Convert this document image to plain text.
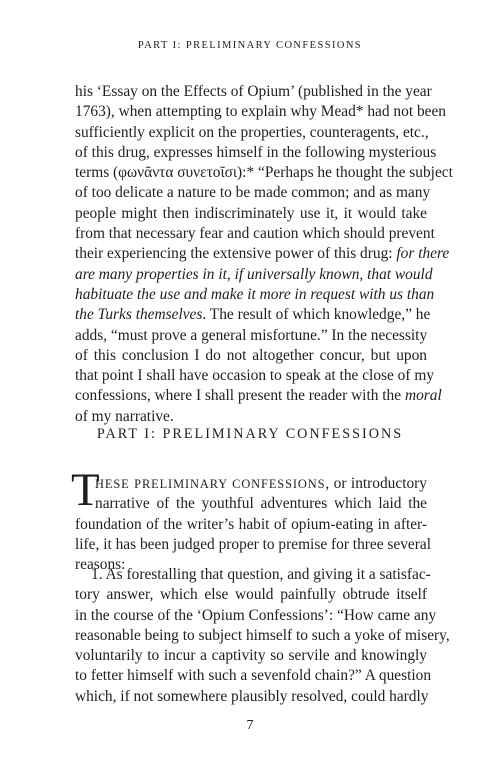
PART I: PRELIMINARY CONFESSIONS
his ‘Essay on the Effects of Opium’ (published in the year
1763), when attempting to explain why Mead* had not been
sufficiently explicit on the properties, counteragents, etc.,
of this drug, expresses himself in the following mysterious
terms (φωνᾶντα συνετοῖσι):* “Perhaps he thought the subject
of too delicate a nature to be made common; and as many
people might then indiscriminately use it, it would take
from that necessary fear and caution which should prevent
their experiencing the extensive power of this drug: for there
are many properties in it, if universally known, that would
habituate the use and make it more in request with us than
the Turks themselves. The result of which knowledge,” he
adds, “must prove a general misfortune.” In the necessity
of this conclusion I do not altogether concur, but upon
that point I shall have occasion to speak at the close of my
confessions, where I shall present the reader with the moral
of my narrative.
PART I: PRELIMINARY CONFESSIONS
T
HESE PRELIMINARY CONFESSIONS, or introductory
narrative of the youthful adventures which laid the
foundation of the writer’s habit of opium-eating in after-
life, it has been judged proper to premise for three several
reasons:
1. As forestalling that question, and giving it a satisfac-
tory answer, which else would painfully obtrude itself
in the course of the ‘Opium Confessions’: “How came any
reasonable being to subject himself to such a yoke of misery,
voluntarily to incur a captivity so servile and knowingly
to fetter himself with such a sevenfold chain?” A question
which, if not somewhere plausibly resolved, could hardly
7
